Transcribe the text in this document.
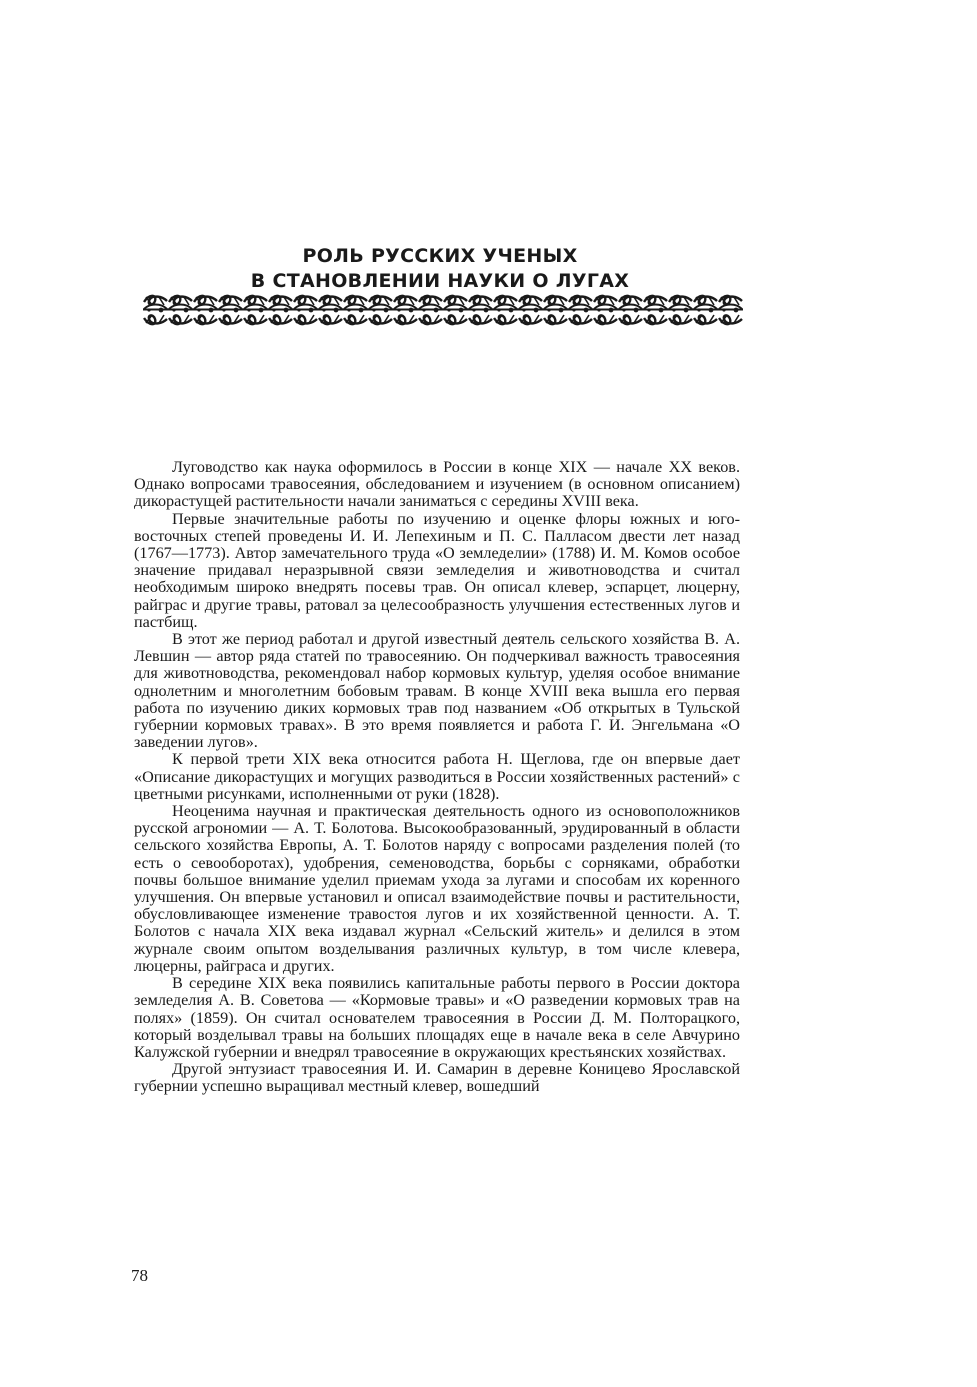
РОЛЬ РУССКИХ УЧЕНЫХ
В СТАНОВЛЕНИИ НАУКИ О ЛУГАХ

Луговодство как наука оформилось в России в конце XIX — начале XX веков. Однако вопросами травосеяния, обследованием и изучением (в основном описанием) дикорастущей растительности начали заниматься с середины XVIII века.

Первые значительные работы по изучению и оценке флоры южных и юго-восточных степей проведены И. И. Лепехиным и П. С. Палласом двести лет назад (1767—1773). Автор замечательного труда «О земледелии» (1788) И. М. Комов особое значение придавал неразрывной связи земледелия и животноводства и считал необходимым широко внедрять посевы трав. Он описал клевер, эспарцет, люцерну, райграс и другие травы, ратовал за целесообразность улучшения естественных лугов и пастбищ.

В этот же период работал и другой известный деятель сельского хозяйства В. А. Левшин — автор ряда статей по травосеянию. Он подчеркивал важность травосеяния для животноводства, рекомендовал набор кормовых культур, уделяя особое внимание однолетним и многолетним бобовым травам. В конце XVIII века вышла его первая работа по изучению диких кормовых трав под названием «Об открытых в Тульской губернии кормовых травах». В это время появляется и работа Г. И. Энгельмана «О заведении лугов».

К первой трети XIX века относится работа Н. Щеглова, где он впервые дает «Описание дикорастущих и могущих разводиться в России хозяйственных растений» с цветными рисунками, исполненными от руки (1828).

Неоценима научная и практическая деятельность одного из основоположников русской агрономии — А. Т. Болотова. Высокообразованный, эрудированный в области сельского хозяйства Европы, А. Т. Болотов наряду с вопросами разделения полей (то есть о севооборотах), удобрения, семеноводства, борьбы с сорняками, обработки почвы большое внимание уделил приемам ухода за лугами и способам их коренного улучшения. Он впервые установил и описал взаимодействие почвы и растительности, обусловливающее изменение травостоя лугов и их хозяйственной ценности. А. Т. Болотов с начала XIX века издавал журнал «Сельский житель» и делился в этом журнале своим опытом возделывания различных культур, в том числе клевера, люцерны, райграса и других.

В середине XIX века появились капитальные работы первого в России доктора земледелия А. В. Советова — «Кормовые травы» и «О разведении кормовых трав на полях» (1859). Он считал основателем травосеяния в России Д. М. Полторацкого, который возделывал травы на больших площадях еще в начале века в селе Авчурино Калужской губернии и внедрял травосеяние в окружающих крестьянских хозяйствах.

Другой энтузиаст травосеяния И. И. Самарин в деревне Коницево Ярославской губернии успешно выращивал местный клевер, вошедший

78
